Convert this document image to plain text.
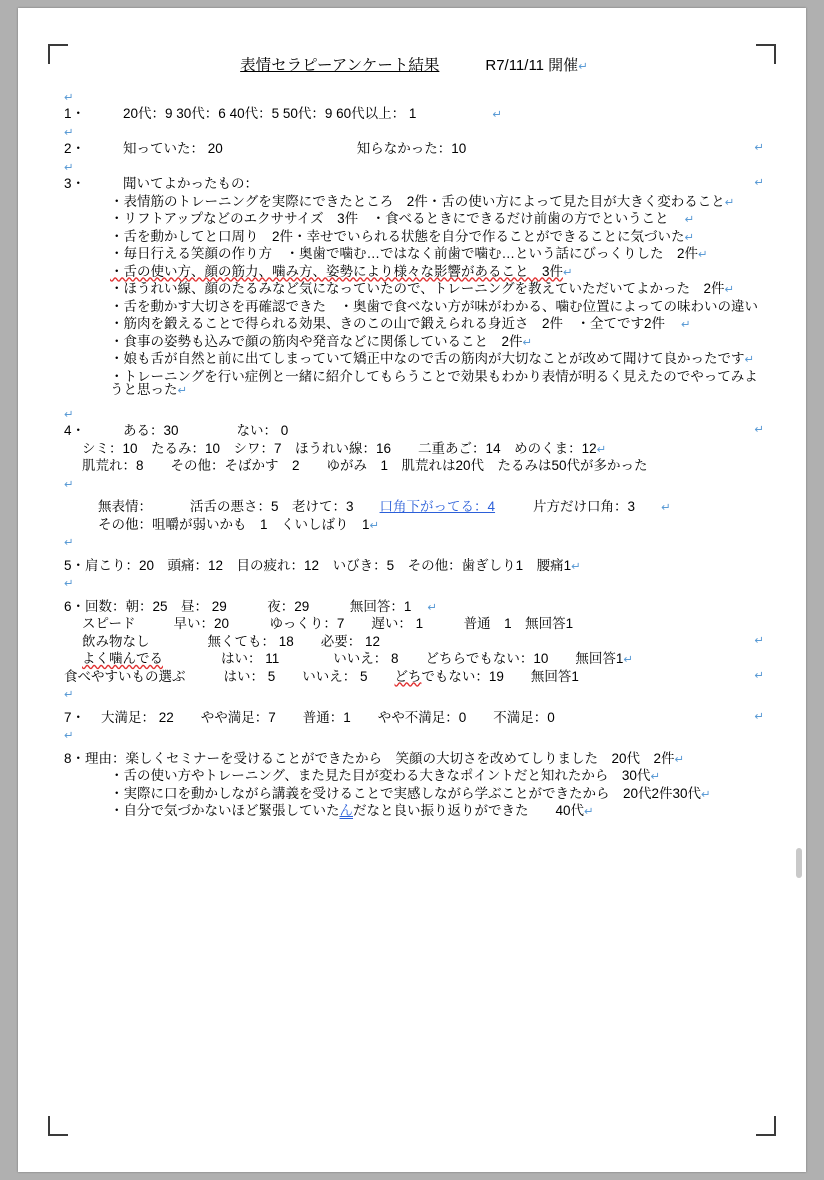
表情セラピーアンケート結果	R7/11/11 開催↵

↵

1・	20代：9 30代：6 40代：5 50代：9 60代以上： 1	↵

↵

2・	知っていた： 20	知らなかった：10	↵

↵

3・	聞いてよかったもの：	↵

・表情筋のトレーニングを実際にできたところ　2件・舌の使い方によって見た目が大きく変わること↵

・リフトアップなどのエクササイズ　3件　・食べるときにできるだけ前歯の方でということ ↵

・舌を動かしてと口周り　2件・幸せでいられる状態を自分で作ることができることに気づいた↵

・毎日行える笑顔の作り方　・奥歯で噛む…ではなく前歯で噛む…という話にびっくりした　2件↵

・舌の使い方、顔の筋力、噛み方、姿勢により様々な影響があること　3件↵

・ほうれい線、顔のたるみなど気になっていたので、トレーニングを教えていただいてよかった　2件↵

・舌を動かす大切さを再確認できた　・奥歯で食べない方が味がわかる、噛む位置によっての味わいの違い

・筋肉を鍛えることで得られる効果、きのこの山で鍛えられる身近さ　2件　・全てです2件 ↵

・食事の姿勢も込みで顔の筋肉や発音などに関係していること　2件↵

・娘も舌が自然と前に出てしまっていて矯正中なので舌の筋肉が大切なことが改めて聞けて良かったです↵

・トレーニングを行い症例と一緒に紹介してもらうことで効果もわかり表情が明るく見えたのでやってみようと思った↵

↵

4・	ある：30	ない： 0	↵

シミ：10　たるみ：10　シワ：7　ほうれい線：16　　二重あご：14　めのくま：12↵

肌荒れ：8　　その他：そばかす　2　　ゆがみ　1　肌荒れは20代　たるみは50代が多かった

↵

無表情：	活舌の悪さ：5　老けて：3 口角下がってる：4	片方だけ口角：3 ↵

その他：咀嚼が弱いかも　1　くいしばり　1↵

↵

5・肩こり：20　頭痛：12　目の疲れ：12　いびき：5　その他：歯ぎしり1　腰痛1↵

↵

6・回数：朝：25　昼： 29　　　夜：29　　　無回答：1 ↵

スピード	早い：20　　　ゆっくり：7　　遅い： 1　　　普通　1　無回答1

飲み物なし	無くても： 18　　必要： 12	↵

よく噛んでる	はい： 11　　　　いいえ： 8　　どちらでもない：10　　無回答1↵

食べやすいもの選ぶ	はい： 5　　いいえ： 5　　どちでもない：19　　無回答1	↵

↵

7・ 大満足： 22　　やや満足：7　　普通：1　　やや不満足：0　　不満足：0	↵

↵

8・理由：楽しくセミナーを受けることができたから　笑顔の大切さを改めてしりました　20代　2件↵

・舌の使い方やトレーニング、また見た目が変わる大きなポイントだと知れたから　30代↵

・実際に口を動かしながら講義を受けることで実感しながら学ぶことができたから　20代2件30代↵

・自分で気づかないほど緊張していたんだなと良い振り返りができた　　40代↵
